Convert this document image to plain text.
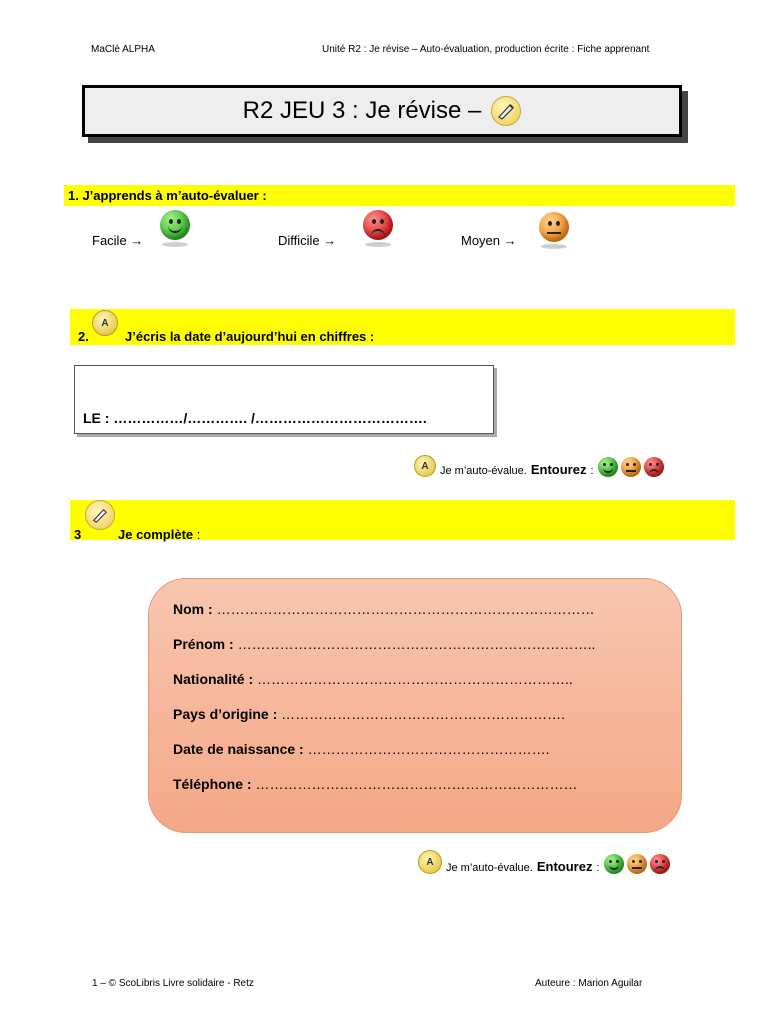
MaClé ALPHA	Unité R2 : Je révise – Auto-évaluation, production écrite : Fiche apprenant
R2 JEU 3 : Je révise –
1. J’apprends à m’auto-évaluer :
Facile →	Difficile →	Moyen →
2.
A
J’écris la date d’aujourd’hui en chiffres :
LE : ……………/…………. /……………………………….
A Je m’auto-évalue. Entourez :
3	Je complète :
Nom : ………………………………………………………………………
Prénom : …………………………………………………………………..
Nationalité : …………………………………………………………..
Pays d’origine : …………………………………………………….
Date de naissance : …………………………………………….
Téléphone : ……………………………………………………………
A Je m’auto-évalue. Entourez :
1 – © ScoLibris Livre solidaire - Retz	Auteure : Marion Aguilar
